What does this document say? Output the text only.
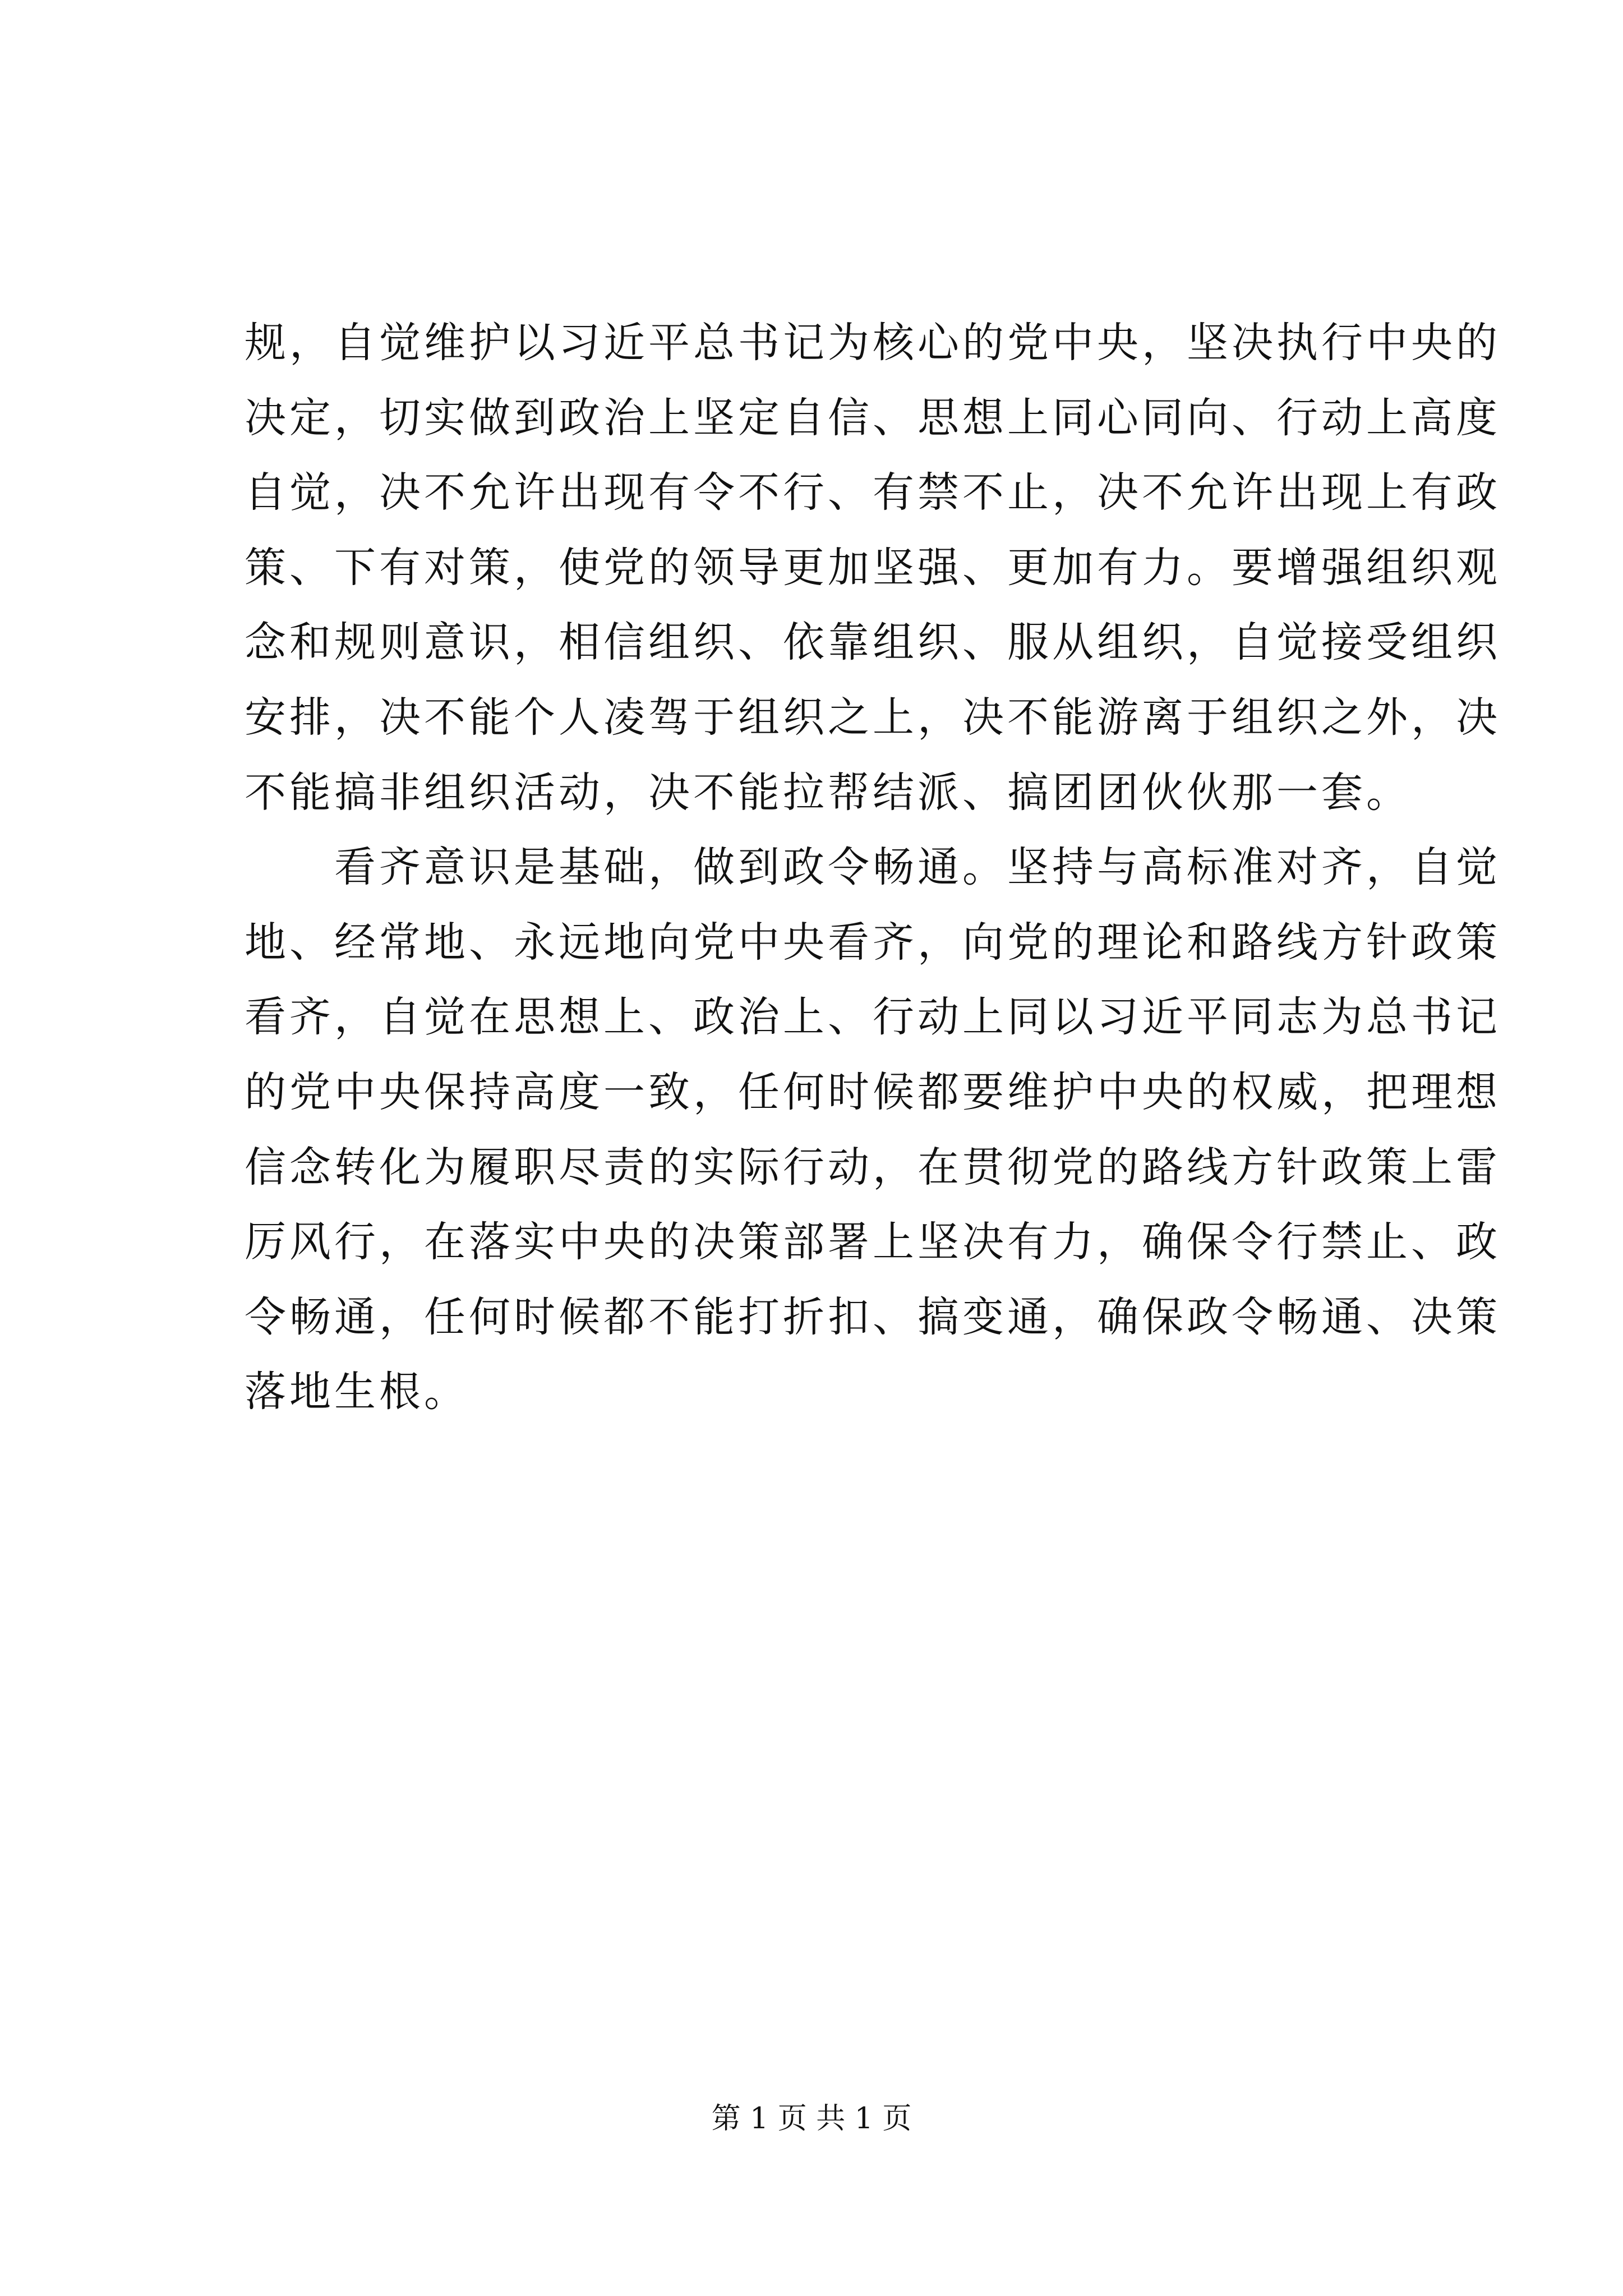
规，自觉维护以习近平总书记为核心的党中央，坚决执行中央的
决定，切实做到政治上坚定自信、思想上同心同向、行动上高度
自觉，决不允许出现有令不行、有禁不止，决不允许出现上有政
策、下有对策，使党的领导更加坚强、更加有力。要增强组织观
念和规则意识，相信组织、依靠组织、服从组织，自觉接受组织
安排，决不能个人凌驾于组织之上，决不能游离于组织之外，决
不能搞非组织活动，决不能拉帮结派、搞团团伙伙那一套。
　　看齐意识是基础，做到政令畅通。坚持与高标准对齐，自觉
地、经常地、永远地向党中央看齐，向党的理论和路线方针政策
看齐，自觉在思想上、政治上、行动上同以习近平同志为总书记
的党中央保持高度一致，任何时候都要维护中央的权威，把理想
信念转化为履职尽责的实际行动，在贯彻党的路线方针政策上雷
厉风行，在落实中央的决策部署上坚决有力，确保令行禁止、政
令畅通，任何时候都不能打折扣、搞变通，确保政令畅通、决策
落地生根。
第 1 页 共 1 页
